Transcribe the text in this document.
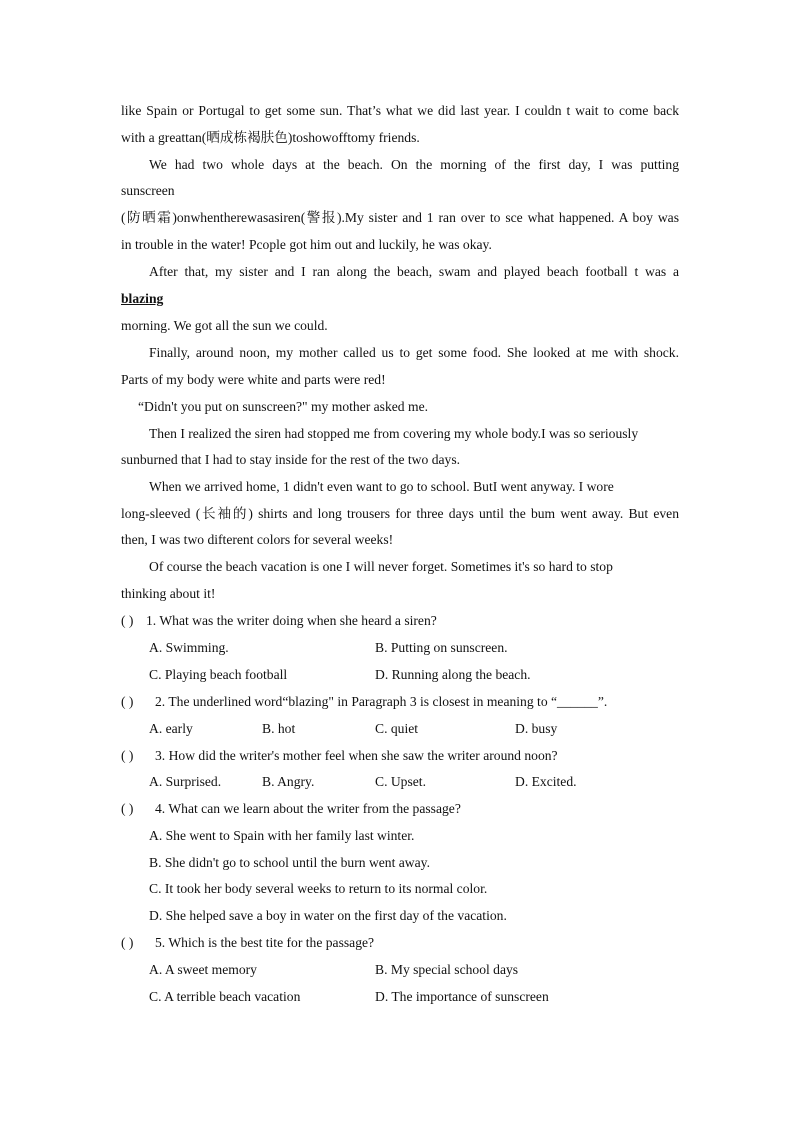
like Spain or Portugal to get some sun. That’s what we did last year. I couldn t wait to come back
with a greattan(晒成栋褐肤色)toshowofftomy friends.
We had two whole days at the beach. On the morning of the first day, I was putting
sunscreen
(防晒霜)onwhentherewasasiren(警报).My sister and 1 ran over to sce what happened. A boy was
in trouble in the water! Pcople got him out and luckily, he was okay.
After that, my sister and I ran along the beach, swam and played beach football t was a
blazing
morning. We got all the sun we could.
Finally, around noon, my mother called us to get some food. She looked at me with shock.
Parts of my body were white and parts were red!
“Didn't you put on sunscreen?" my mother asked me.
Then I realized the siren had stopped me from covering my whole body.I was so seriously
sunburned that I had to stay inside for the rest of the two days.
When we arrived home, 1 didn't even want to go to school. ButI went anyway. I wore
long-sleeved (长袖的) shirts and long trousers for three days until the bum went away. But even
then, I was two difterent colors for several weeks!
Of course the beach vacation is one I will never forget. Sometimes it's so hard to stop
thinking about it!
( ) 1. What was the writer doing when she heard a siren?
A. Swimming.	B. Putting on sunscreen.
C. Playing beach football	D. Running along the beach.
( ) 2. The underlined word“blazing" in Paragraph 3 is closest in meaning to “______”.
A. early	B. hot	C. quiet	D. busy
( ) 3. How did the writer's mother feel when she saw the writer around noon?
A. Surprised.	B. Angry.	C. Upset.	D. Excited.
( ) 4. What can we learn about the writer from the passage?
A. She went to Spain with her family last winter.
B. She didn't go to school until the burn went away.
C. It took her body several weeks to return to its normal color.
D. She helped save a boy in water on the first day of the vacation.
( ) 5. Which is the best tite for the passage?
A. A sweet memory	B. My special school days
C. A terrible beach vacation	D. The importance of sunscreen
